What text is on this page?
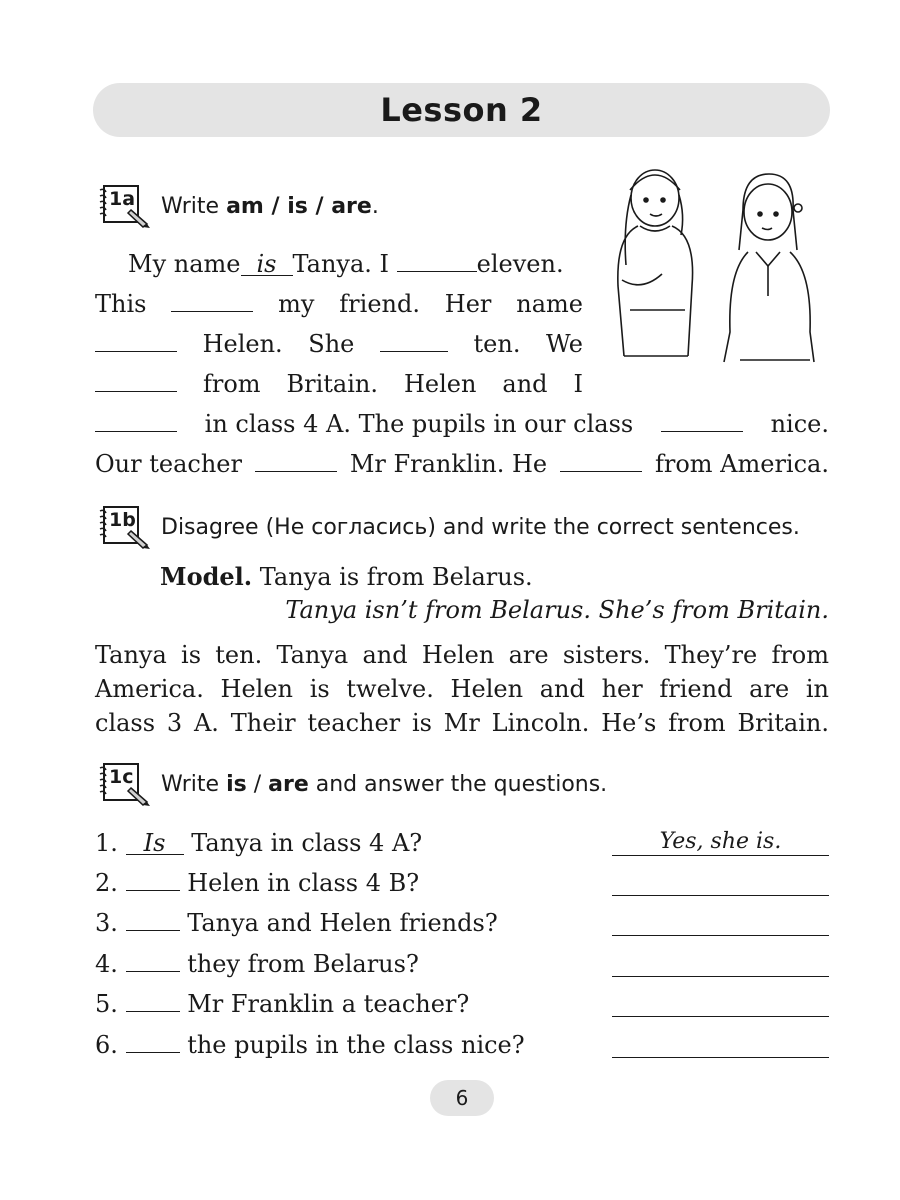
Lesson 2
1a Write am / is / are.
My name is Tanya. I	eleven.
This	my friend. Her name
Helen. She	ten. We
from Britain. Helen and I
in class 4 A. The pupils in our class	nice.
Our teacher	Mr Franklin. He	from America.
1b Disagree (Не согласись) and write the correct sentences.
Model. Tanya is from Belarus.
Tanya isn’t from Belarus. She’s from Britain.
Tanya is ten. Tanya and Helen are sisters. They’re from
America. Helen is twelve. Helen and her friend are in
class 3 A. Their teacher is Mr Lincoln. He’s from Britain.
1c Write is / are and answer the questions.
1. Is Tanya in class 4 A?	Yes, she is.
2.	Helen in class 4 B?
3.	Tanya and Helen friends?
4.	they from Belarus?
5.	Mr Franklin a teacher?
6.	the pupils in the class nice?
6
